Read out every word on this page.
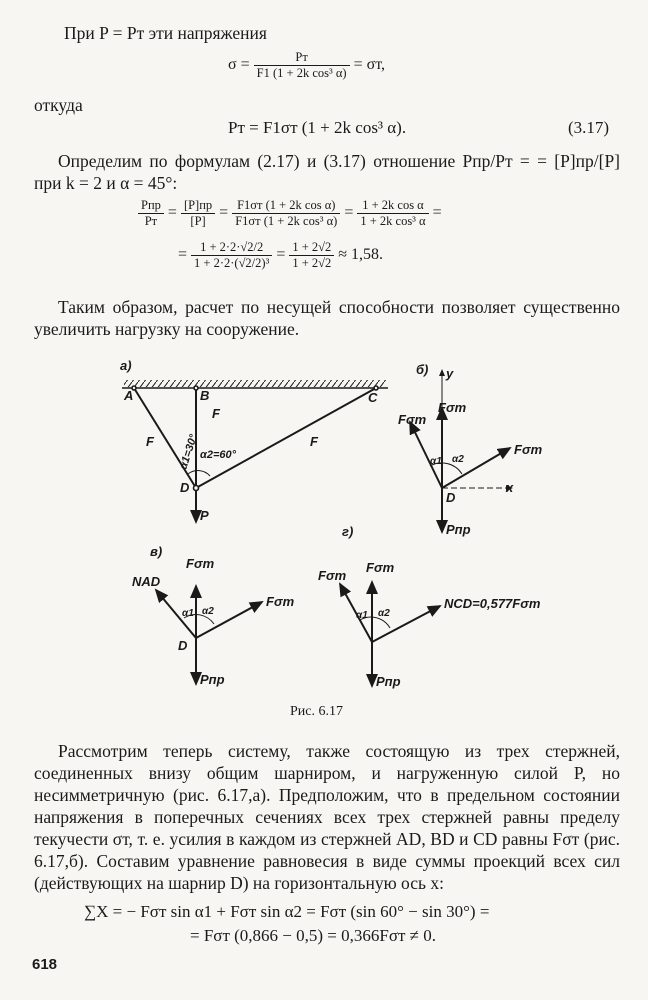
При P = Pт эти напряжения
$\sigma = \frac{Pт}{\text{F1 (1 + 2k cos³ α)}} = \sigma т$,
откуда
Pт = F1σт (1 + 2k cos³ α).	(3.17)
Определим по формулам (2.17) и (3.17) отношение Pпр/Pт = = [P]пр/[P] при k = 2 и α = 45°:
$\frac{\text{Pпр}}{Pт} = \frac{[P]пр}{[P]} = \frac{\text{F1σт (1 + 2k cos α)}}{\text{F1σт (1 + 2k cos³ α)}} = \frac{\text{1 + 2k cos α}}{\text{1 + 2k cos³ α}}$ =
= $\frac{1 + 2\cdot 2\cdot√2/2}{\text{1 + 2·2·(√2/2)³}} = \frac{1 + 2√2}{1 + 2√2} \approx 1,58$.
Таким образом, расчет по несущей способности позволяет существенно увеличить нагрузку на сооружение.
а)
A	B	C
D
F
F	F
P
α1=30° α2=60°
б) y
x
Fσт
Fσт
Fσт
D
Pпр
α1 α2
г)
в)
Fσт
NAD
Fσт
D
Pпр
α1 α2
Fσт
Fσт
NCD=0,577Fσт
Pпр
α1 α2
Рис. 6.17
Рассмотрим теперь систему, также состоящую из трех стержней, соединенных внизу общим шарниром, и нагруженную силой P, но несимметричную (рис. 6.17,а). Предположим, что в предельном состоянии напряжения в поперечных сечениях всех трех стержней равны пределу текучести σт, т. е. усилия в каждом из стержней AD, BD и CD равны Fσт (рис. 6.17,б). Составим уравнение равновесия в виде суммы проекций всех сил (действующих на шарнир D) на горизонтальную ось x:
∑X = − Fσт sin α1 + Fσт sin α2 = Fσт (sin 60° − sin 30°) =
= Fσт (0,866 − 0,5) = 0,366Fσт ≠ 0.
618
